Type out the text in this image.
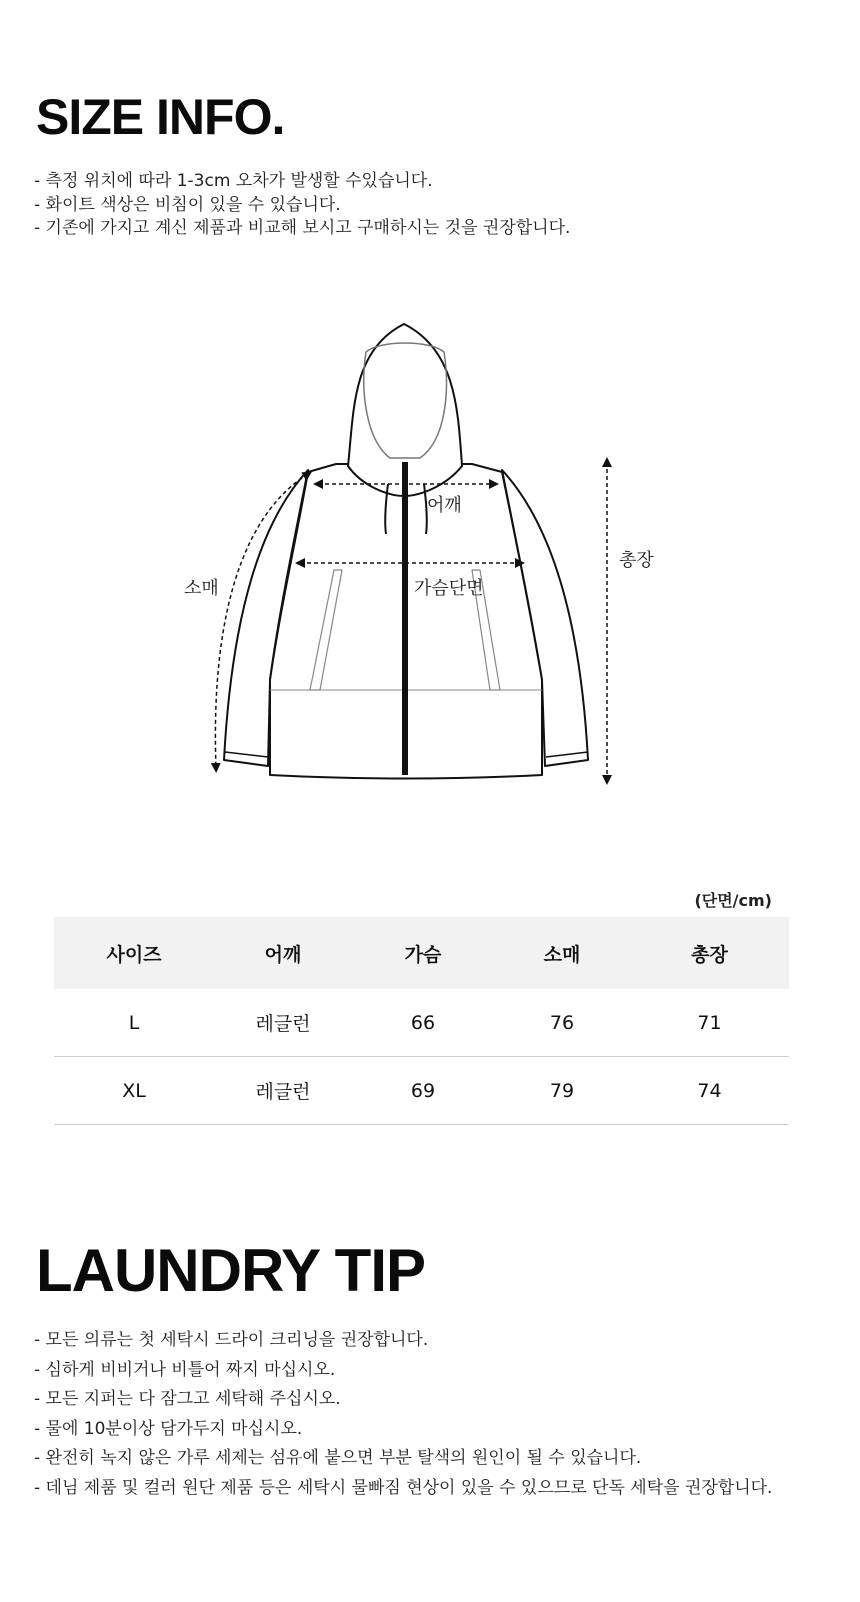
SIZE INFO.
- 측정 위치에 따라 1-3cm 오차가 발생할 수있습니다.
- 화이트 색상은 비침이 있을 수 있습니다.
- 기존에 가지고 계신 제품과 비교해 보시고 구매하시는 것을 권장합니다.
어깨
가슴단면
소매
총장
(단면/cm)
사이즈	어깨	가슴	소매	총장
L	레글런	66	76	71
XL	레글런	69	79	74
LAUNDRY TIP
- 모든 의류는 첫 세탁시 드라이 크리닝을 권장합니다.
- 심하게 비비거나 비틀어 짜지 마십시오.
- 모든 지퍼는 다 잠그고 세탁해 주십시오.
- 물에 10분이상 담가두지 마십시오.
- 완전히 녹지 않은 가루 세제는 섬유에 붙으면 부분 탈색의 원인이 될 수 있습니다.
- 데님 제품 및 컬러 원단 제품 등은 세탁시 물빠짐 현상이 있을 수 있으므로 단독 세탁을 권장합니다.
